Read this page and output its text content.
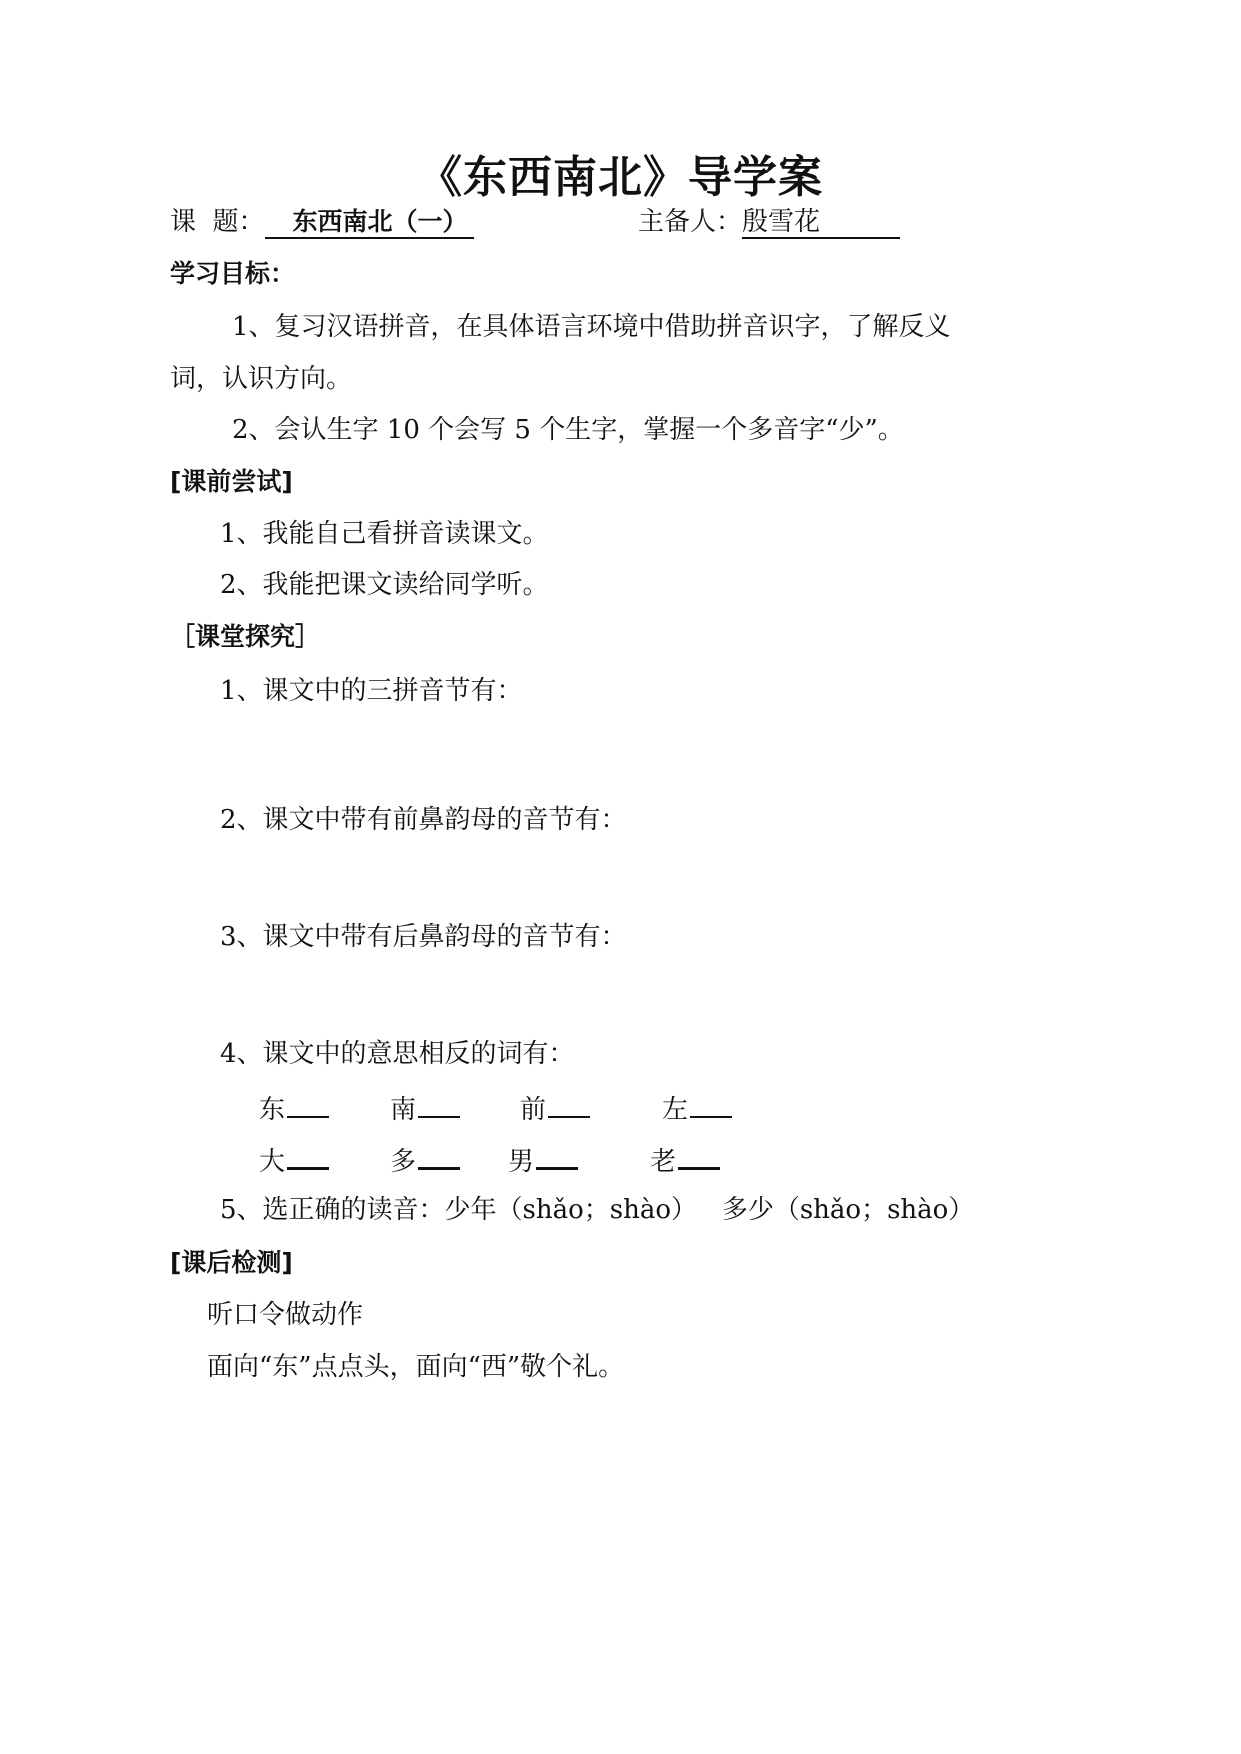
《东西南北》导学案
课  题： 东西南北（一）	主备人：殷雪花
学习目标：
1、复习汉语拼音，在具体语言环境中借助拼音识字，了解反义
词，认识方向。
2、会认生字 10 个会写 5 个生字，掌握一个多音字“少”。
[课前尝试]
1、我能自己看拼音读课文。
2、我能把课文读给同学听。
［课堂探究］
1、课文中的三拼音节有：
2、课文中带有前鼻韵母的音节有：
3、课文中带有后鼻韵母的音节有：
4、课文中的意思相反的词有：
东	南	前	左
大	多	男	老
5、选正确的读音：少年（shǎo；shào）   多少（shǎo；shào）
[课后检测]
听口令做动作
面向“东”点点头，面向“西”敬个礼。
